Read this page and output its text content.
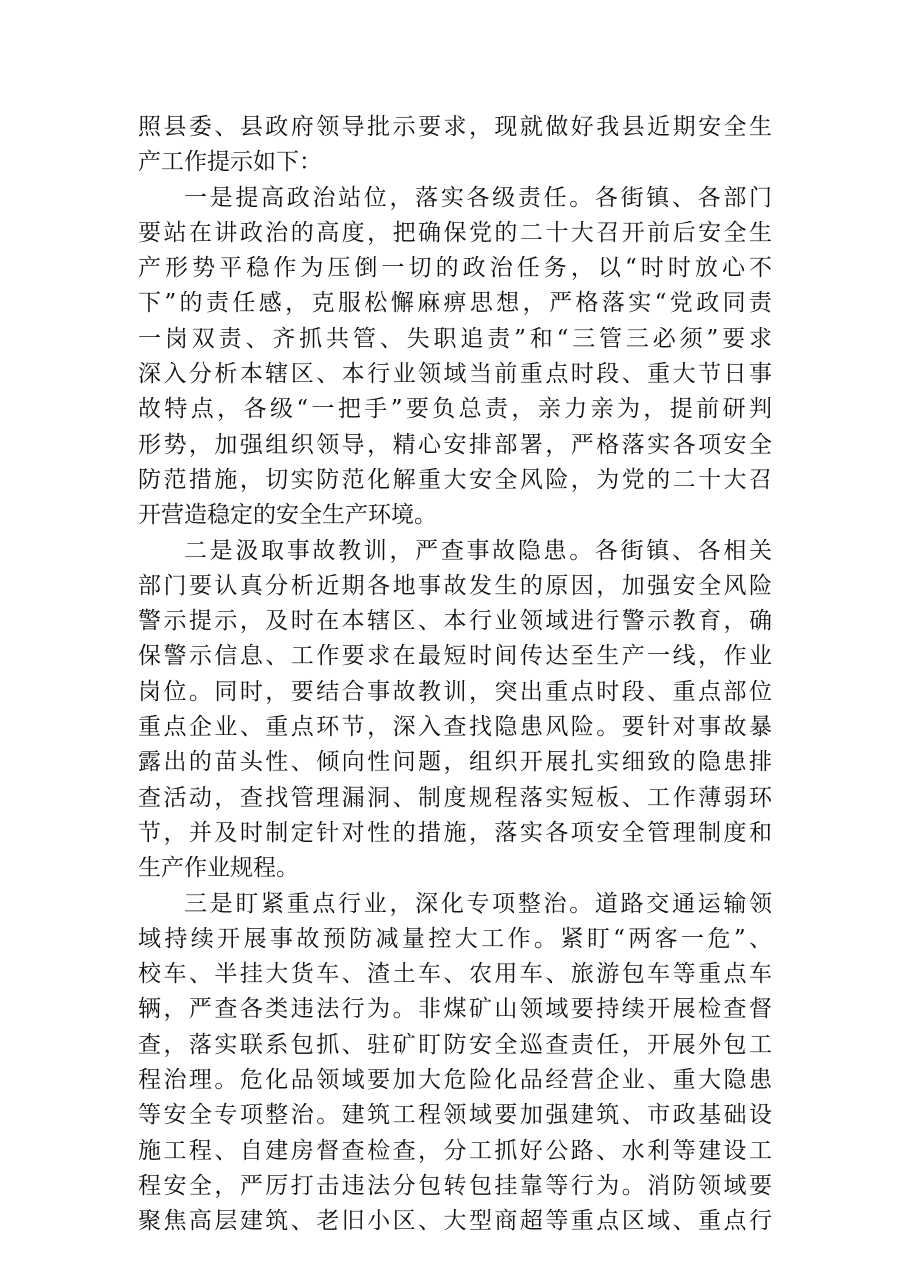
照县委、县政府领导批示要求，现就做好我县近期安全生
产工作提示如下：
一是提高政治站位，落实各级责任。各街镇、各部门
要站在讲政治的高度，把确保党的二十大召开前后安全生
产形势平稳作为压倒一切的政治任务，以“时时放心不
下”的责任感，克服松懈麻痹思想，严格落实“党政同责
一岗双责、齐抓共管、失职追责”和“三管三必须”要求
深入分析本辖区、本行业领域当前重点时段、重大节日事
故特点，各级“一把手”要负总责，亲力亲为，提前研判
形势，加强组织领导，精心安排部署，严格落实各项安全
防范措施，切实防范化解重大安全风险，为党的二十大召
开营造稳定的安全生产环境。
二是汲取事故教训，严查事故隐患。各街镇、各相关
部门要认真分析近期各地事故发生的原因，加强安全风险
警示提示，及时在本辖区、本行业领域进行警示教育，确
保警示信息、工作要求在最短时间传达至生产一线，作业
岗位。同时，要结合事故教训，突出重点时段、重点部位
重点企业、重点环节，深入查找隐患风险。要针对事故暴
露出的苗头性、倾向性问题，组织开展扎实细致的隐患排
查活动，查找管理漏洞、制度规程落实短板、工作薄弱环
节，并及时制定针对性的措施，落实各项安全管理制度和
生产作业规程。
三是盯紧重点行业，深化专项整治。道路交通运输领
域持续开展事故预防减量控大工作。紧盯“两客一危”、
校车、半挂大货车、渣土车、农用车、旅游包车等重点车
辆，严查各类违法行为。非煤矿山领域要持续开展检查督
查，落实联系包抓、驻矿盯防安全巡查责任，开展外包工
程治理。危化品领域要加大危险化品经营企业、重大隐患
等安全专项整治。建筑工程领域要加强建筑、市政基础设
施工程、自建房督查检查，分工抓好公路、水利等建设工
程安全，严厉打击违法分包转包挂靠等行为。消防领域要
聚焦高层建筑、老旧小区、大型商超等重点区域、重点行
